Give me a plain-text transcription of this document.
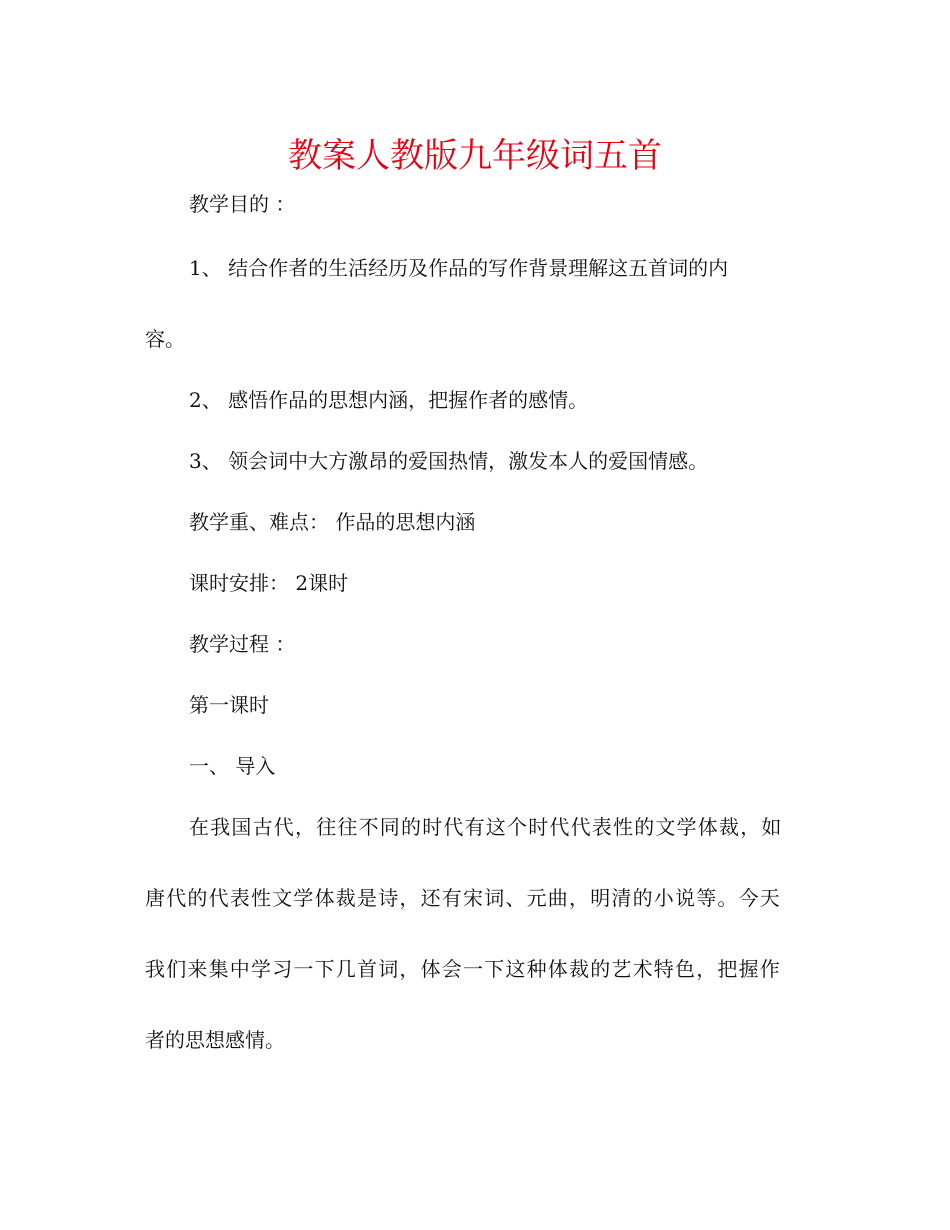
教案人教版九年级词五首

教学目的 ：

1、 结合作者的生活经历及作品的写作背景理解这五首词的内

容。

2、 感悟作品的思想内涵，把握作者的感情。

3、 领会词中大方激昂的爱国热情，激发本人的爱国情感。

教学重、难点： 作品的思想内涵

课时安排： 2课时

教学过程 ：

第一课时

一、 导入

在我国古代，往往不同的时代有这个时代代表性的文学体裁，如

唐代的代表性文学体裁是诗，还有宋词、元曲，明清的小说等。今天

我们来集中学习一下几首词，体会一下这种体裁的艺术特色，把握作

者的思想感情。
